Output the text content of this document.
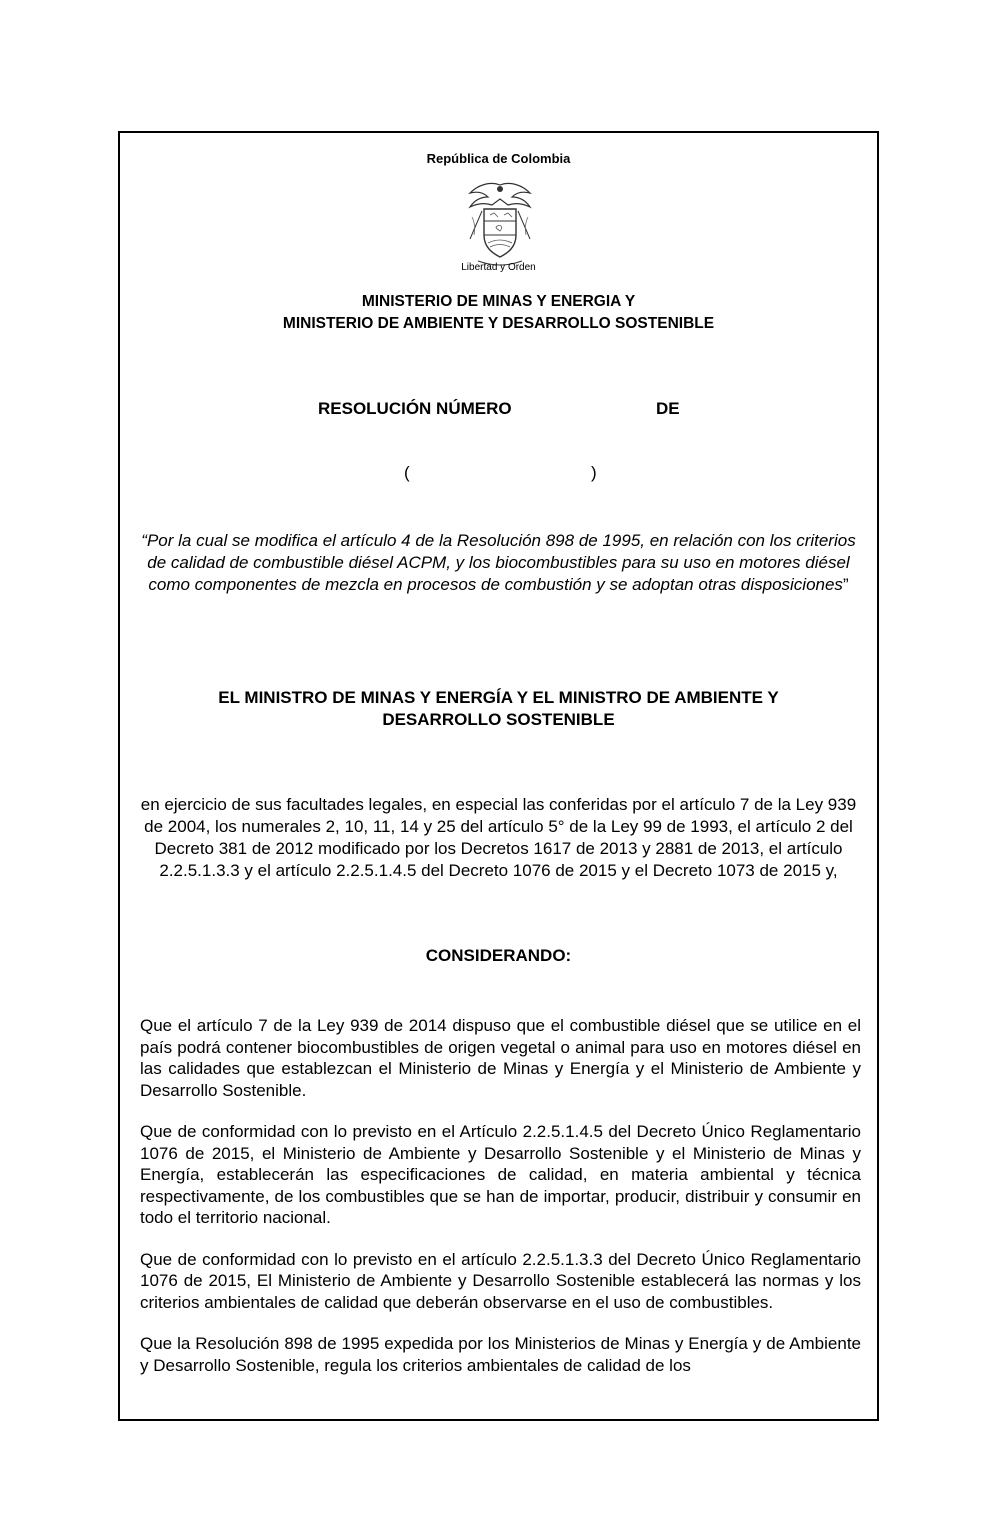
República de Colombia
Libertad y Orden
MINISTERIO DE MINAS Y ENERGIA Y
MINISTERIO DE AMBIENTE Y DESARROLLO SOSTENIBLE
RESOLUCIÓN NÚMERO	DE
(	)
“Por la cual se modifica el artículo 4 de la Resolución 898 de 1995, en relación con los criterios de calidad de combustible diésel ACPM, y los biocombustibles para su uso en motores diésel como componentes de mezcla en procesos de combustión y se adoptan otras disposiciones”
EL MINISTRO DE MINAS Y ENERGÍA Y EL MINISTRO DE AMBIENTE Y DESARROLLO SOSTENIBLE
en ejercicio de sus facultades legales, en especial las conferidas por el artículo 7 de la Ley 939 de 2004, los numerales 2, 10, 11, 14 y 25 del artículo 5° de la Ley 99 de 1993, el artículo 2 del Decreto 381 de 2012 modificado por los Decretos 1617 de 2013 y 2881 de 2013, el artículo 2.2.5.1.3.3 y el artículo 2.2.5.1.4.5 del Decreto 1076 de 2015 y el Decreto 1073 de 2015 y,
CONSIDERANDO:

Que el artículo 7 de la Ley 939 de 2014 dispuso que el combustible diésel que se utilice en el país podrá contener biocombustibles de origen vegetal o animal para uso en motores diésel en las calidades que establezcan el Ministerio de Minas y Energía y el Ministerio de Ambiente y Desarrollo Sostenible.

Que de conformidad con lo previsto en el Artículo 2.2.5.1.4.5 del Decreto Único Reglamentario 1076 de 2015, el Ministerio de Ambiente y Desarrollo Sostenible y el Ministerio de Minas y Energía, establecerán las especificaciones de calidad, en materia ambiental y técnica respectivamente, de los combustibles que se han de importar, producir, distribuir y consumir en todo el territorio nacional.

Que de conformidad con lo previsto en el artículo 2.2.5.1.3.3 del Decreto Único Reglamentario 1076 de 2015, El Ministerio de Ambiente y Desarrollo Sostenible establecerá las normas y los criterios ambientales de calidad que deberán observarse en el uso de combustibles.

Que la Resolución 898 de 1995 expedida por los Ministerios de Minas y Energía y de Ambiente y Desarrollo Sostenible, regula los criterios ambientales de calidad de los
